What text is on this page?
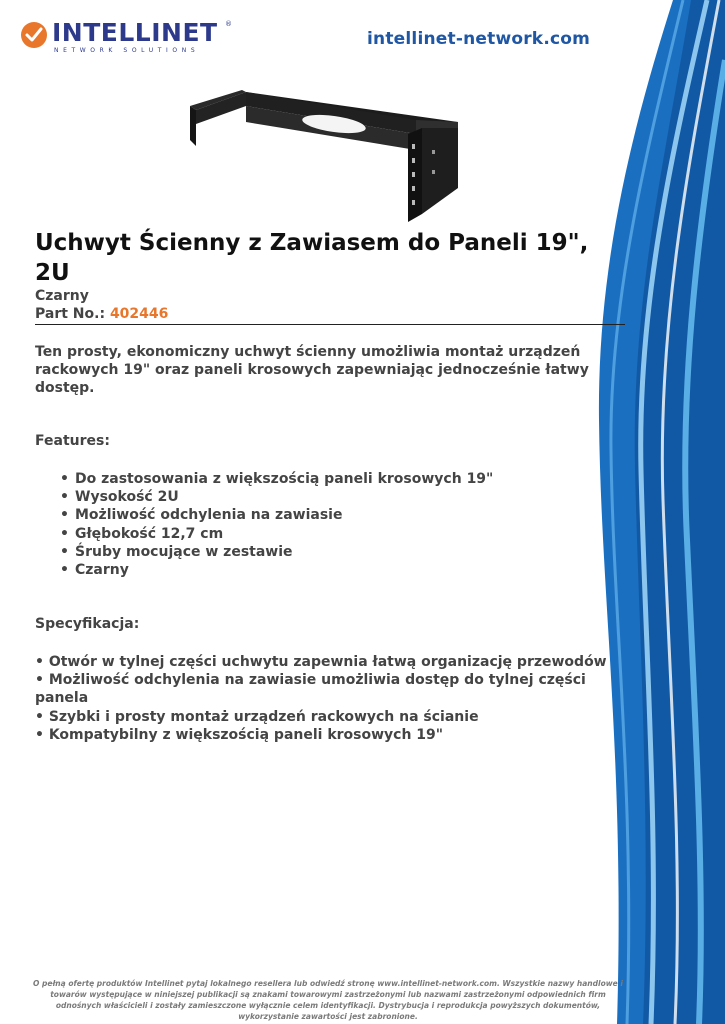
INTELLINET ®
NETWORK SOLUTIONS
intellinet-network.com
Uchwyt Ścienny z Zawiasem do Paneli 19", 2U
Czarny
Part No.: 402446

Ten prosty, ekonomiczny uchwyt ścienny umożliwia montaż urządzeń rackowych 19" oraz paneli krosowych zapewniając jednocześnie łatwy dostęp.

Features:
• Do zastosowania z większością paneli krosowych 19"
• Wysokość 2U
• Możliwość odchylenia na zawiasie
• Głębokość 12,7 cm
• Śruby mocujące w zestawie
• Czarny
Specyfikacja:
• Otwór w tylnej części uchwytu zapewnia łatwą organizację przewodów
• Możliwość odchylenia na zawiasie umożliwia dostęp do tylnej części panela
• Szybki i prosty montaż urządzeń rackowych na ścianie
• Kompatybilny z większością paneli krosowych 19"

O pełną ofertę produktów Intellinet pytaj lokalnego resellera lub odwiedź stronę www.intellinet-network.com. Wszystkie nazwy handlowe i towarów występujące w niniejszej publikacji są znakami towarowymi zastrzeżonymi lub nazwami zastrzeżonymi odpowiednich firm odnośnych właścicieli i zostały zamieszczone wyłącznie celem identyfikacji. Dystrybucja i reprodukcja powyższych dokumentów, wykorzystanie zawartości jest zabronione.
